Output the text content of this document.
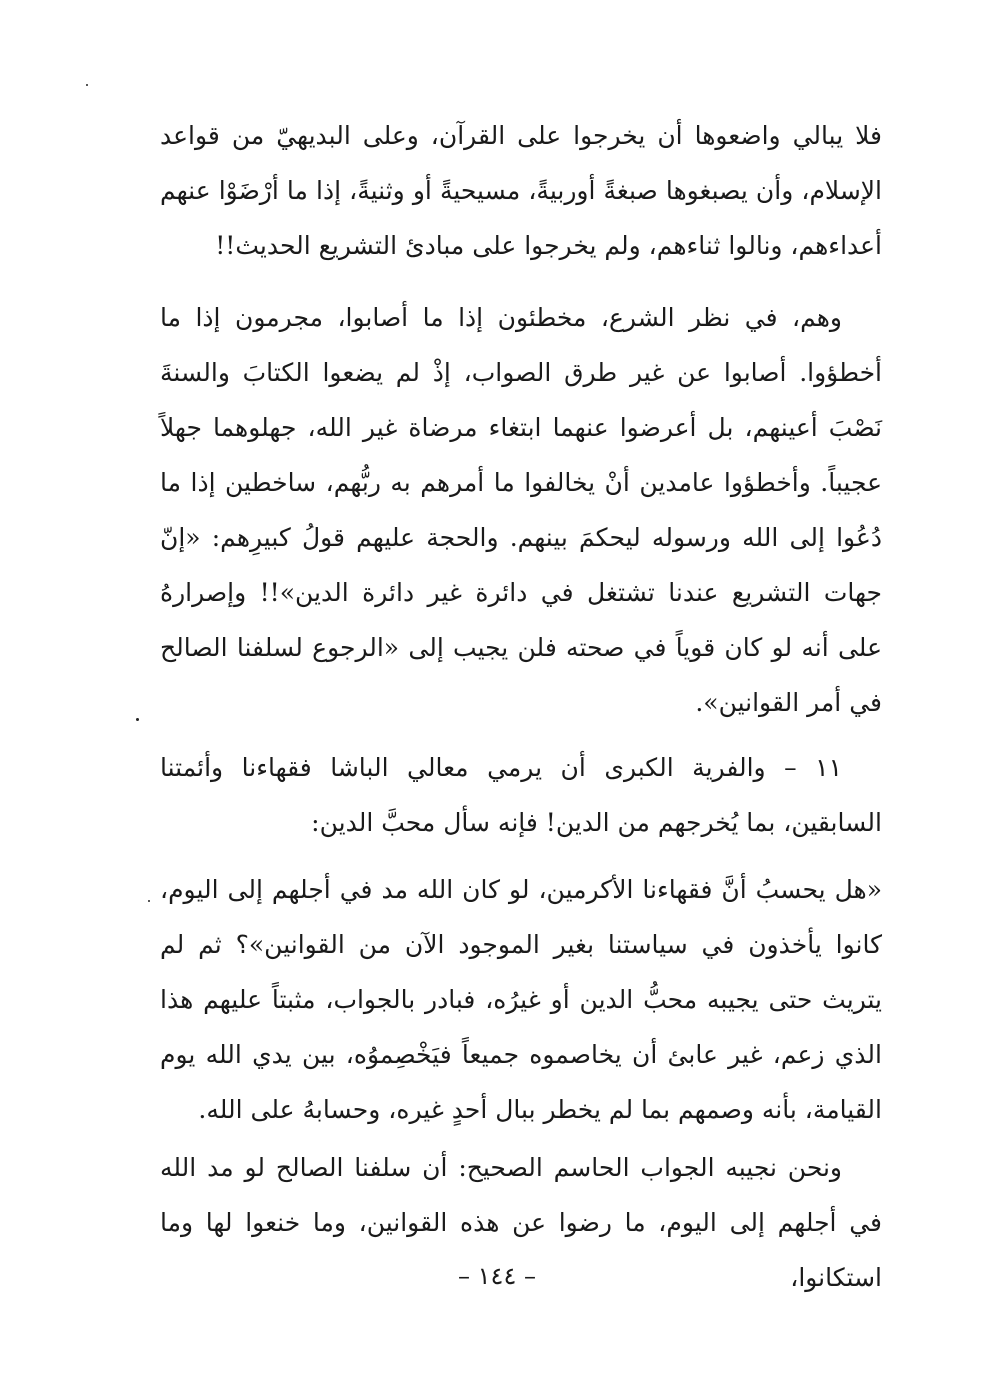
فلا يبالي واضعوها أن يخرجوا على القرآن، وعلى البديهيّ من قواعد الإسلام، وأن يصبغوها صبغةً أوربيةً، مسيحيةً أو وثنيةً، إذا ما أرْضَوْا عنهم أعداءهم، ونالوا ثناءهم، ولم يخرجوا على مبادئ التشريع الحديث!!

وهم، في نظر الشرع، مخطئون إذا ما أصابوا، مجرمون إذا ما أخطؤوا. أصابوا عن غير طرق الصواب، إذْ لم يضعوا الكتابَ والسنةَ نَصْبَ أعينهم، بل أعرضوا عنهما ابتغاء مرضاة غير الله، جهلوهما جهلاً عجيباً. وأخطؤوا عامدين أنْ يخالفوا ما أمرهم به ربُّهم، ساخطين إذا ما دُعُوا إلى الله ورسوله ليحكمَ بينهم. والحجة عليهم قولُ كبيرِهم: «إنّ جهات التشريع عندنا تشتغل في دائرة غير دائرة الدين»!! وإصرارهُ على أنه لو كان قوياً في صحته فلن يجيب إلى «الرجوع لسلفنا الصالح في أمر القوانين».

١١ – والفرية الكبرى أن يرمي معالي الباشا فقهاءنا وأئمتنا السابقين، بما يُخرجهم من الدين! فإنه سأل محبَّ الدين:

«هل يحسبُ أنَّ فقهاءنا الأكرمين، لو كان الله مد في أجلهم إلى اليوم، كانوا يأخذون في سياستنا بغير الموجود الآن من القوانين»؟ ثم لم يتريث حتى يجيبه محبُّ الدين أو غيرُه، فبادر بالجواب، مثبتاً عليهم هذا الذي زعم، غير عابئ أن يخاصموه جميعاً فيَخْصِموُه، بين يدي الله يوم القيامة، بأنه وصمهم بما لم يخطر ببال أحدٍ غيره، وحسابهُ على الله.

ونحن نجيبه الجواب الحاسم الصحيح: أن سلفنا الصالح لو مد الله في أجلهم إلى اليوم، ما رضوا عن هذه القوانين، وما خنعوا لها وما استكانوا،

– ١٤٤ –
